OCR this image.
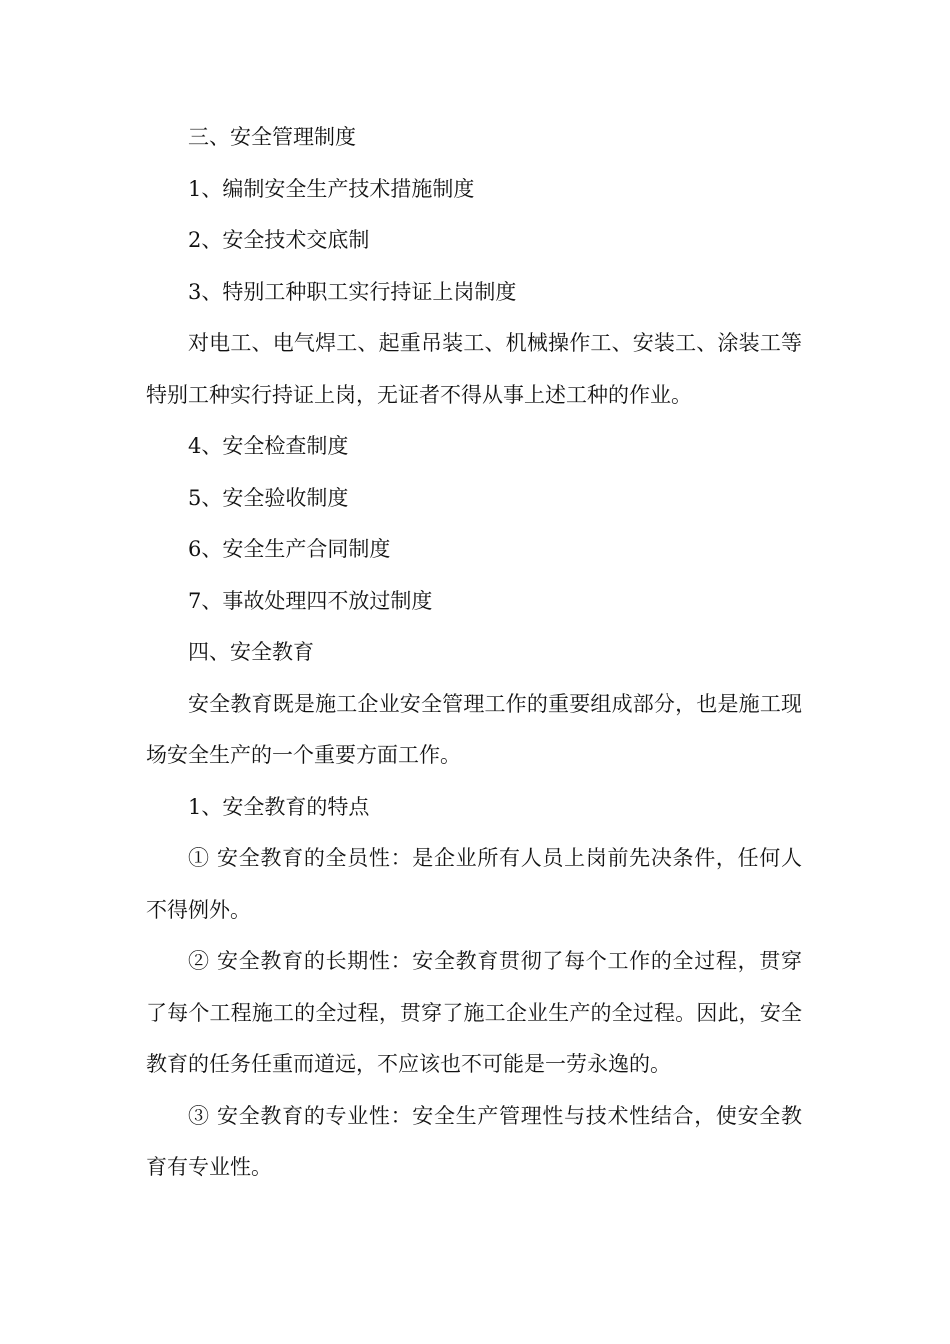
三、安全管理制度

1、编制安全生产技术措施制度

2、安全技术交底制

3、特别工种职工实行持证上岗制度

对电工、电气焊工、起重吊装工、机械操作工、安装工、涂装工等特别工种实行持证上岗，无证者不得从事上述工种的作业。

4、安全检查制度

5、安全验收制度

6、安全生产合同制度

7、事故处理四不放过制度

四、安全教育

安全教育既是施工企业安全管理工作的重要组成部分，也是施工现场安全生产的一个重要方面工作。

1、安全教育的特点

① 安全教育的全员性：是企业所有人员上岗前先决条件，任何人不得例外。

② 安全教育的长期性：安全教育贯彻了每个工作的全过程，贯穿了每个工程施工的全过程，贯穿了施工企业生产的全过程。因此，安全教育的任务任重而道远，不应该也不可能是一劳永逸的。

③ 安全教育的专业性：安全生产管理性与技术性结合，使安全教育有专业性。
